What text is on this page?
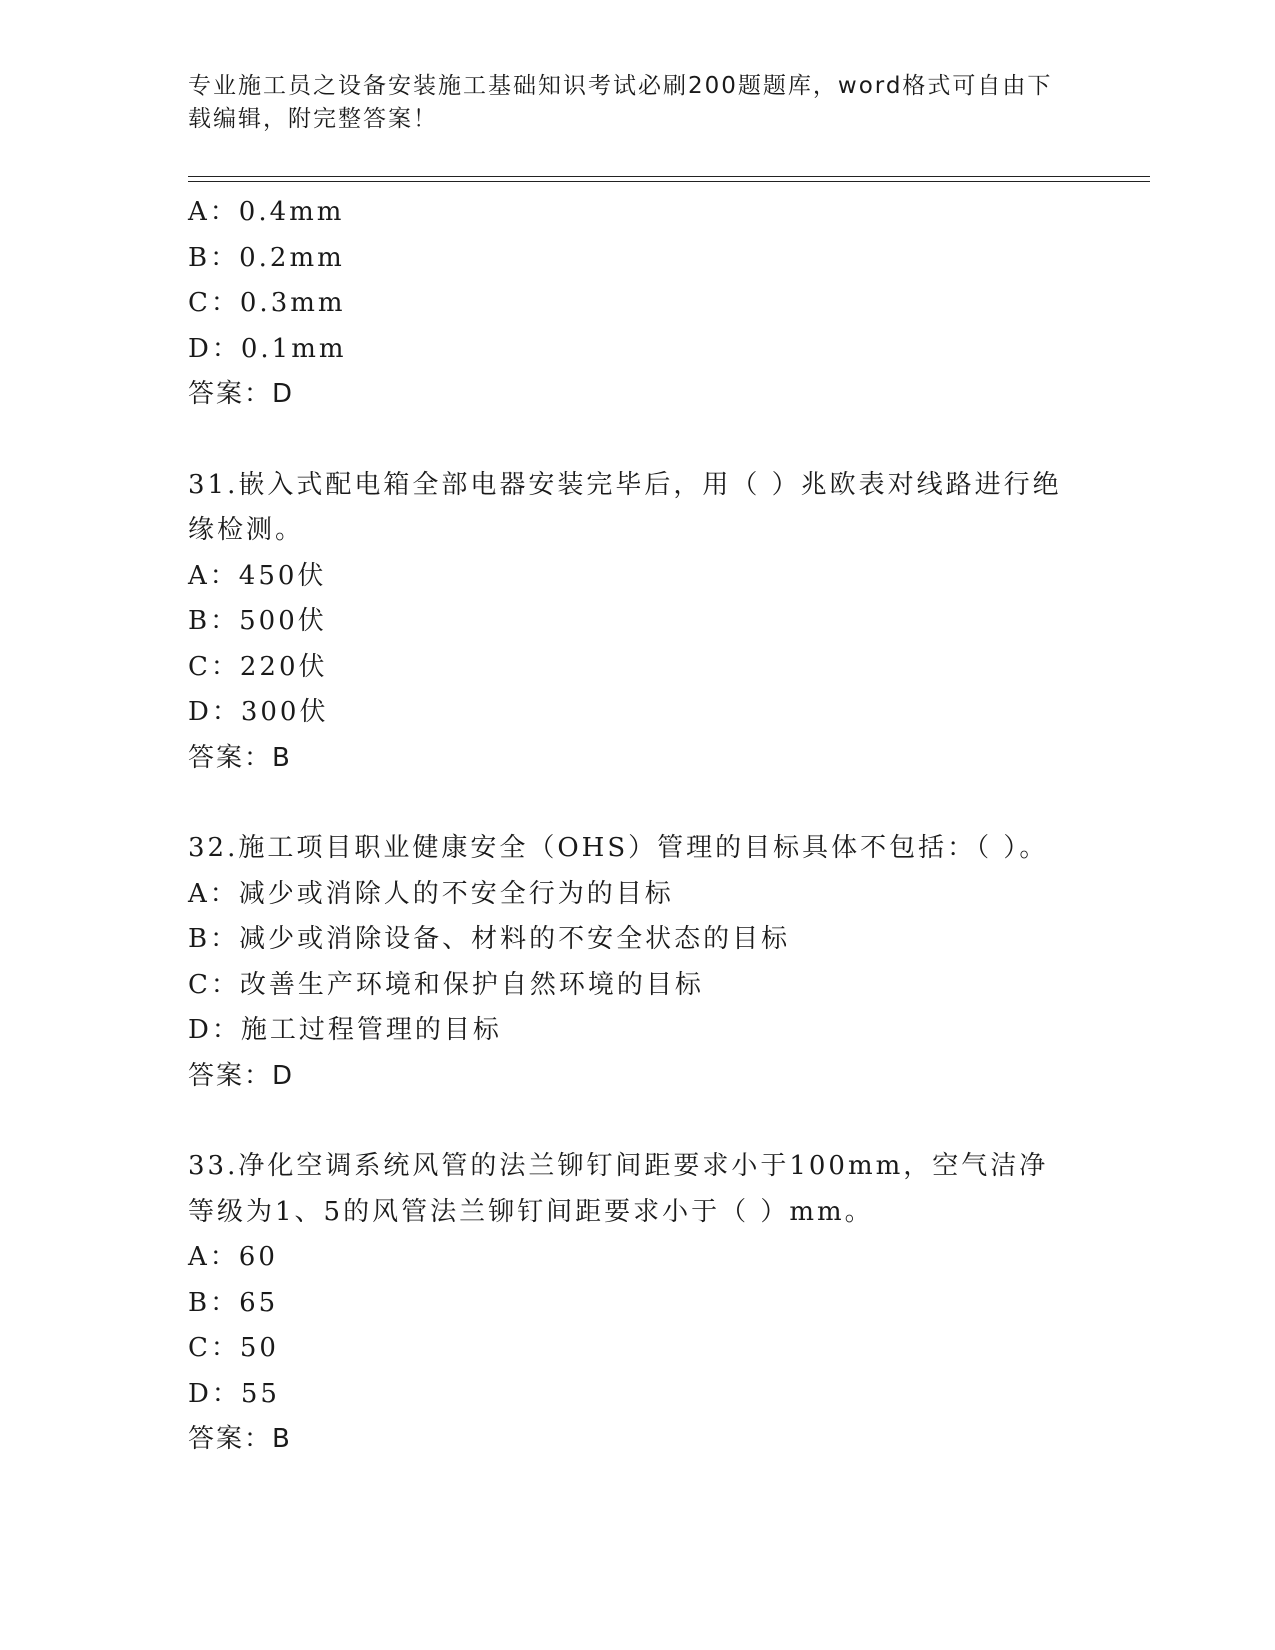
专业施工员之设备安装施工基础知识考试必刷200题题库，word格式可自由下载编辑，附完整答案！
A：0.4mm
B：0.2mm
C：0.3mm
D：0.1mm
答案：D
31.嵌入式配电箱全部电器安装完毕后，用（ ）兆欧表对线路进行绝缘检测。
A：450伏
B：500伏
C：220伏
D：300伏
答案：B
32.施工项目职业健康安全（OHS）管理的目标具体不包括：（ ）。
A：减少或消除人的不安全行为的目标
B：减少或消除设备、材料的不安全状态的目标
C：改善生产环境和保护自然环境的目标
D：施工过程管理的目标
答案：D
33.净化空调系统风管的法兰铆钉间距要求小于100mm，空气洁净等级为1、5的风管法兰铆钉间距要求小于（ ）mm。
A：60
B：65
C：50
D：55
答案：B
